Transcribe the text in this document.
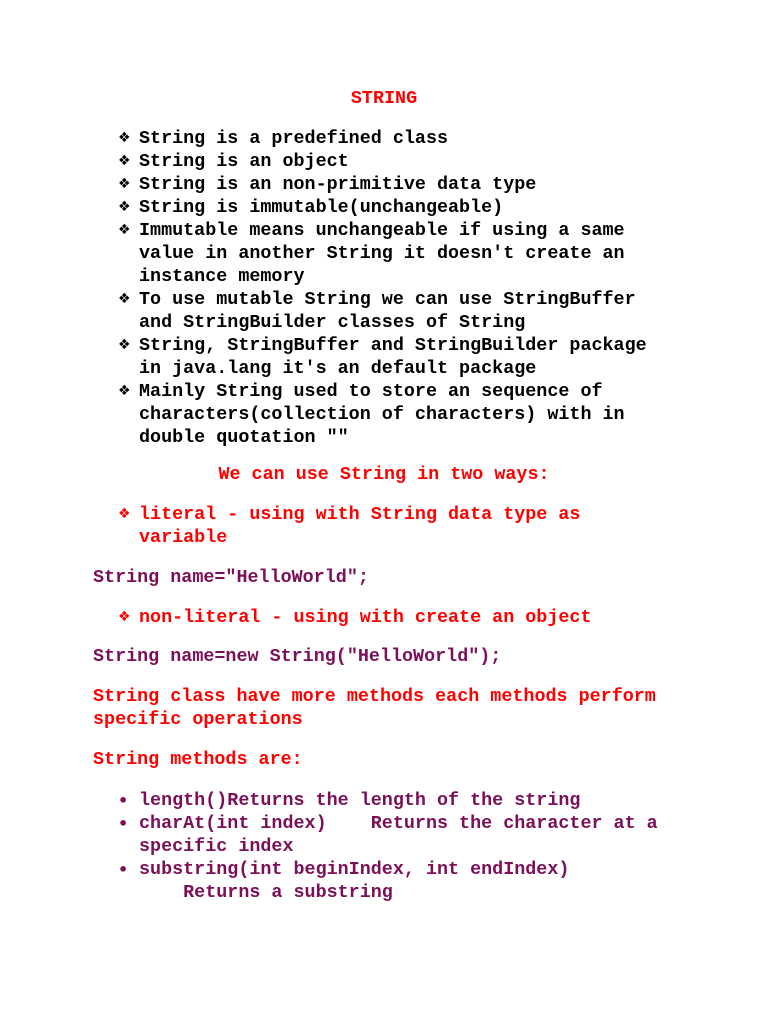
STRING
❖ String is a predefined class
❖ String is an object
❖ String is an non-primitive data type
❖ String is immutable(unchangeable)
❖ Immutable means unchangeable if using a same value in another String it doesn't create an instance memory
❖ To use mutable String we can use StringBuffer and StringBuilder classes of String
❖ String, StringBuffer and StringBuilder package in java.lang it's an default package
❖ Mainly String used to store an sequence of characters(collection of characters) with in double quotation ""
We can use String in two ways:
❖ literal - using with String data type as variable
String name="HelloWorld";
❖ non-literal - using with create an object
String name=new String("HelloWorld");
String class have more methods each methods perform specific operations
String methods are:
• length()Returns the length of the string
• charAt(int index)    Returns the character at a
specific index
• substring(int beginIndex, int endIndex)
Returns a substring
